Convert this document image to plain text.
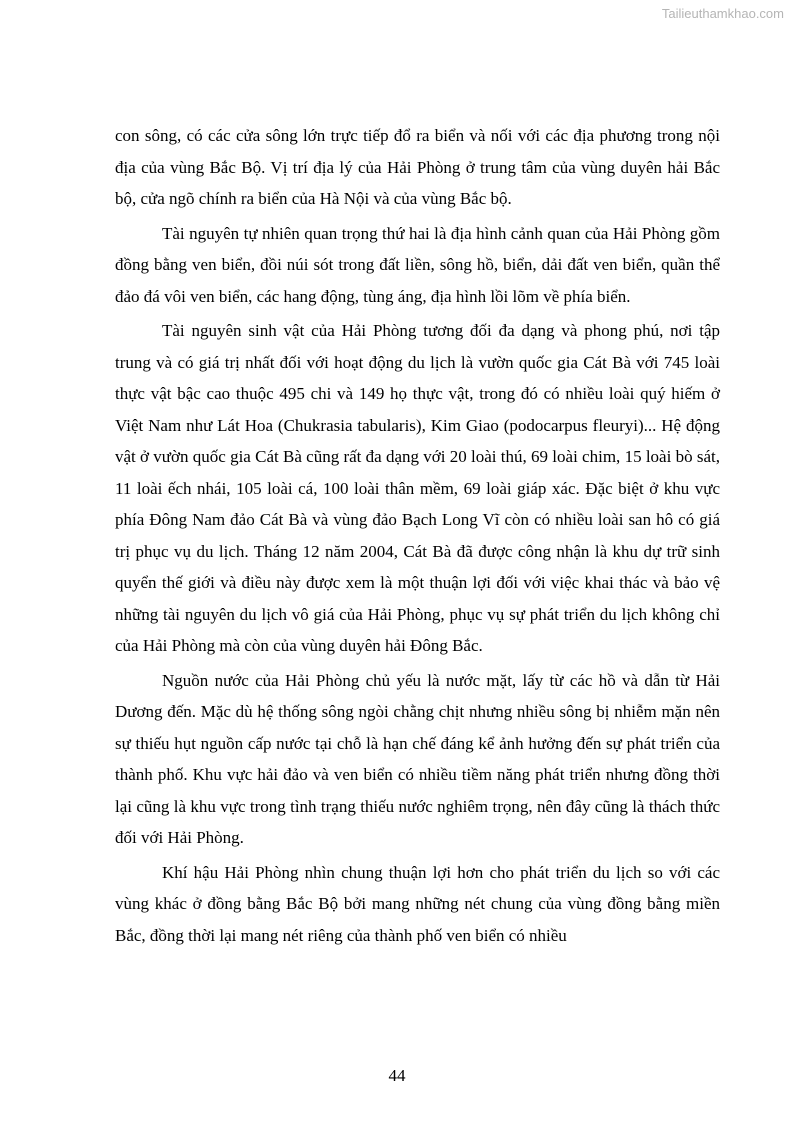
Tailieuthamkhao.com

con sông, có các cửa sông lớn trực tiếp đổ ra biển và nối với các địa phương trong nội địa của vùng Bắc Bộ. Vị trí địa lý của Hải Phòng ở trung tâm của vùng duyên hải Bắc bộ, cửa ngõ chính ra biển của Hà Nội và của vùng Bắc bộ.

Tài nguyên tự nhiên quan trọng thứ hai là địa hình cảnh quan của Hải Phòng gồm đồng bằng ven biển, đồi núi sót trong đất liền, sông hồ, biển, dải đất ven biển, quần thể đảo đá vôi ven biển, các hang động, tùng áng, địa hình lồi lõm về phía biển.

Tài nguyên sinh vật của Hải Phòng tương đối đa dạng và phong phú, nơi tập trung và có giá trị nhất đối với hoạt động du lịch là vườn quốc gia Cát Bà với 745 loài thực vật bậc cao thuộc 495 chi và 149 họ thực vật, trong đó có nhiều loài quý hiếm ở Việt Nam như Lát Hoa (Chukrasia tabularis), Kim Giao (podocarpus fleuryi)... Hệ động vật ở vườn quốc gia Cát Bà cũng rất đa dạng với 20 loài thú, 69 loài chim, 15 loài bò sát, 11 loài ếch nhái, 105 loài cá, 100 loài thân mềm, 69 loài giáp xác. Đặc biệt ở khu vực phía Đông Nam đảo Cát Bà và vùng đảo Bạch Long Vĩ còn có nhiều loài san hô có giá trị phục vụ du lịch. Tháng 12 năm 2004, Cát Bà đã được công nhận là khu dự trữ sinh quyển thế giới và điều này được xem là một thuận lợi đối với việc khai thác và bảo vệ những tài nguyên du lịch vô giá của Hải Phòng, phục vụ sự phát triển du lịch không chỉ của Hải Phòng mà còn của vùng duyên hải Đông Bắc.

Nguồn nước của Hải Phòng chủ yếu là nước mặt, lấy từ các hồ và dẫn từ Hải Dương đến. Mặc dù hệ thống sông ngòi chằng chịt nhưng nhiều sông bị nhiễm mặn nên sự thiếu hụt nguồn cấp nước tại chỗ là hạn chế đáng kể ảnh hưởng đến sự phát triển của thành phố. Khu vực hải đảo và ven biển có nhiều tiềm năng phát triển nhưng đồng thời lại cũng là khu vực trong tình trạng thiếu nước nghiêm trọng, nên đây cũng là thách thức đối với Hải Phòng.

Khí hậu Hải Phòng nhìn chung thuận lợi hơn cho phát triển du lịch so với các vùng khác ở đồng bằng Bắc Bộ bởi mang những nét chung của vùng đồng bằng miền Bắc, đồng thời lại mang nét riêng của thành phố ven biển có nhiều

44
